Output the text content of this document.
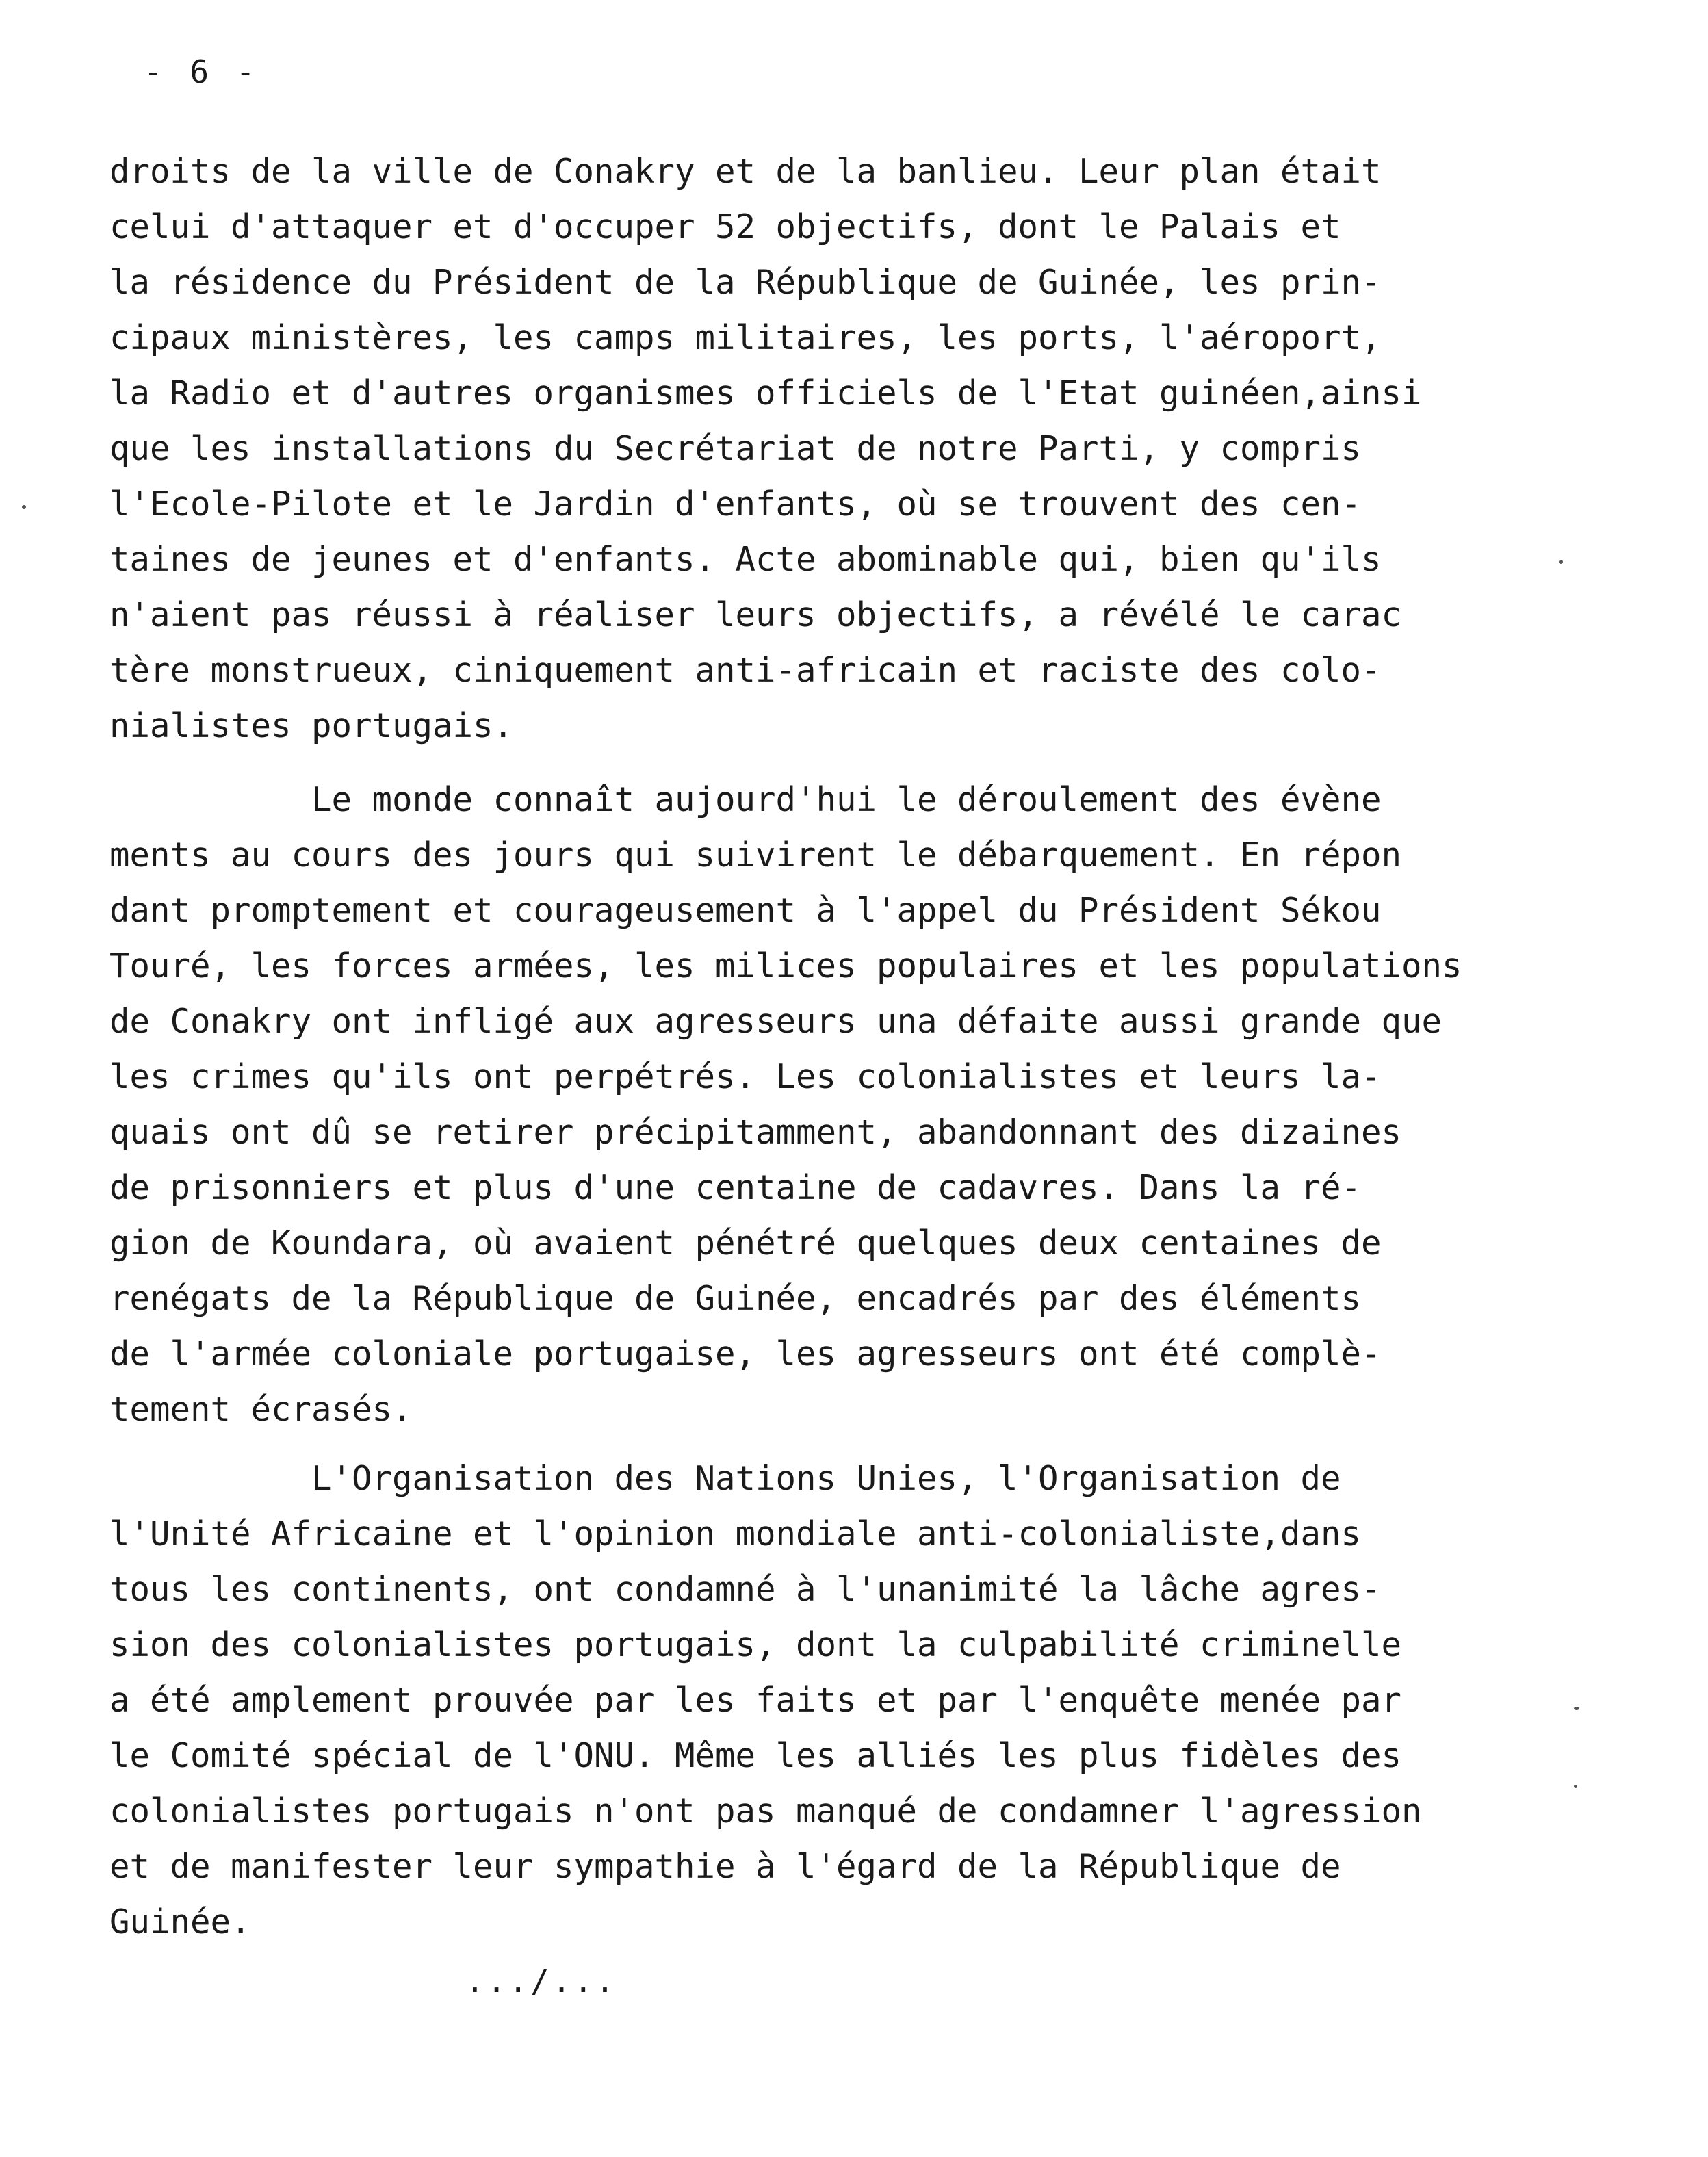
- 6 -

droits de la ville de Conakry et de la banlieu. Leur plan était
celui d'attaquer et d'occuper 52 objectifs, dont le Palais et
la résidence du Président de la République de Guinée, les prin-
cipaux ministères, les camps militaires, les ports, l'aéroport,
la Radio et d'autres organismes officiels de l'Etat guinéen,ainsi
que les installations du Secrétariat de notre Parti, y compris
l'Ecole-Pilote et le Jardin d'enfants, où se trouvent des cen-
taines de jeunes et d'enfants. Acte abominable qui, bien qu'ils
n'aient pas réussi à réaliser leurs objectifs, a révélé le carac
tère monstrueux, ciniquement anti-africain et raciste des colo-
nialistes portugais.

Le monde connaît aujourd'hui le déroulement des évène
ments au cours des jours qui suivirent le débarquement. En répon
dant promptement et courageusement à l'appel du Président Sékou
Touré, les forces armées, les milices populaires et les populations
de Conakry ont infligé aux agresseurs una défaite aussi grande que
les crimes qu'ils ont perpétrés. Les colonialistes et leurs la-
quais ont dû se retirer précipitamment, abandonnant des dizaines
de prisonniers et plus d'une centaine de cadavres. Dans la ré-
gion de Koundara, où avaient pénétré quelques deux centaines de
renégats de la République de Guinée, encadrés par des éléments
de l'armée coloniale portugaise, les agresseurs ont été complè-
tement écrasés.

L'Organisation des Nations Unies, l'Organisation de
l'Unité Africaine et l'opinion mondiale anti-colonialiste,dans
tous les continents, ont condamné à l'unanimité la lâche agres-
sion des colonialistes portugais, dont la culpabilité criminelle
a été amplement prouvée par les faits et par l'enquête menée par
le Comité spécial de l'ONU. Même les alliés les plus fidèles des
colonialistes portugais n'ont pas manqué de condamner l'agression
et de manifester leur sympathie à l'égard de la République de
Guinée.

.../...
